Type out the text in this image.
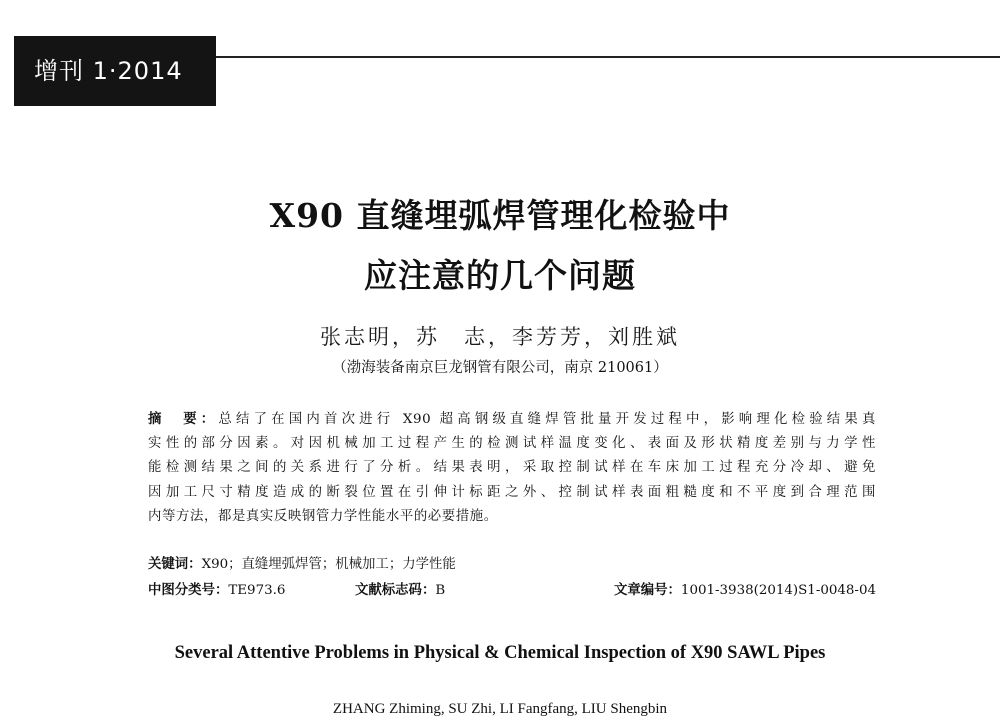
增刊 1·2014 年
X90 直缝埋弧焊管理化检验中
应注意的几个问题
张志明，苏　志，李芳芳，刘胜斌
（渤海装备南京巨龙钢管有限公司，南京 210061）
摘　要：总结了在国内首次进行 X90 超高钢级直缝焊管批量开发过程中，影响理化检验结果真
实性的部分因素。对因机械加工过程产生的检测试样温度变化、表面及形状精度差别与力学性
能检测结果之间的关系进行了分析。结果表明，采取控制试样在车床加工过程充分冷却、避免
因加工尺寸精度造成的断裂位置在引伸计标距之外、控制试样表面粗糙度和不平度到合理范围
内等方法，都是真实反映钢管力学性能水平的必要措施。
关键词：X90；直缝埋弧焊管；机械加工；力学性能
中图分类号：TE973.6	文献标志码：B	文章编号：1001-3938(2014)S1-0048-04
Several Attentive Problems in Physical & Chemical Inspection of X90 SAWL Pipes
ZHANG Zhiming, SU Zhi, LI Fangfang, LIU Shengbin
